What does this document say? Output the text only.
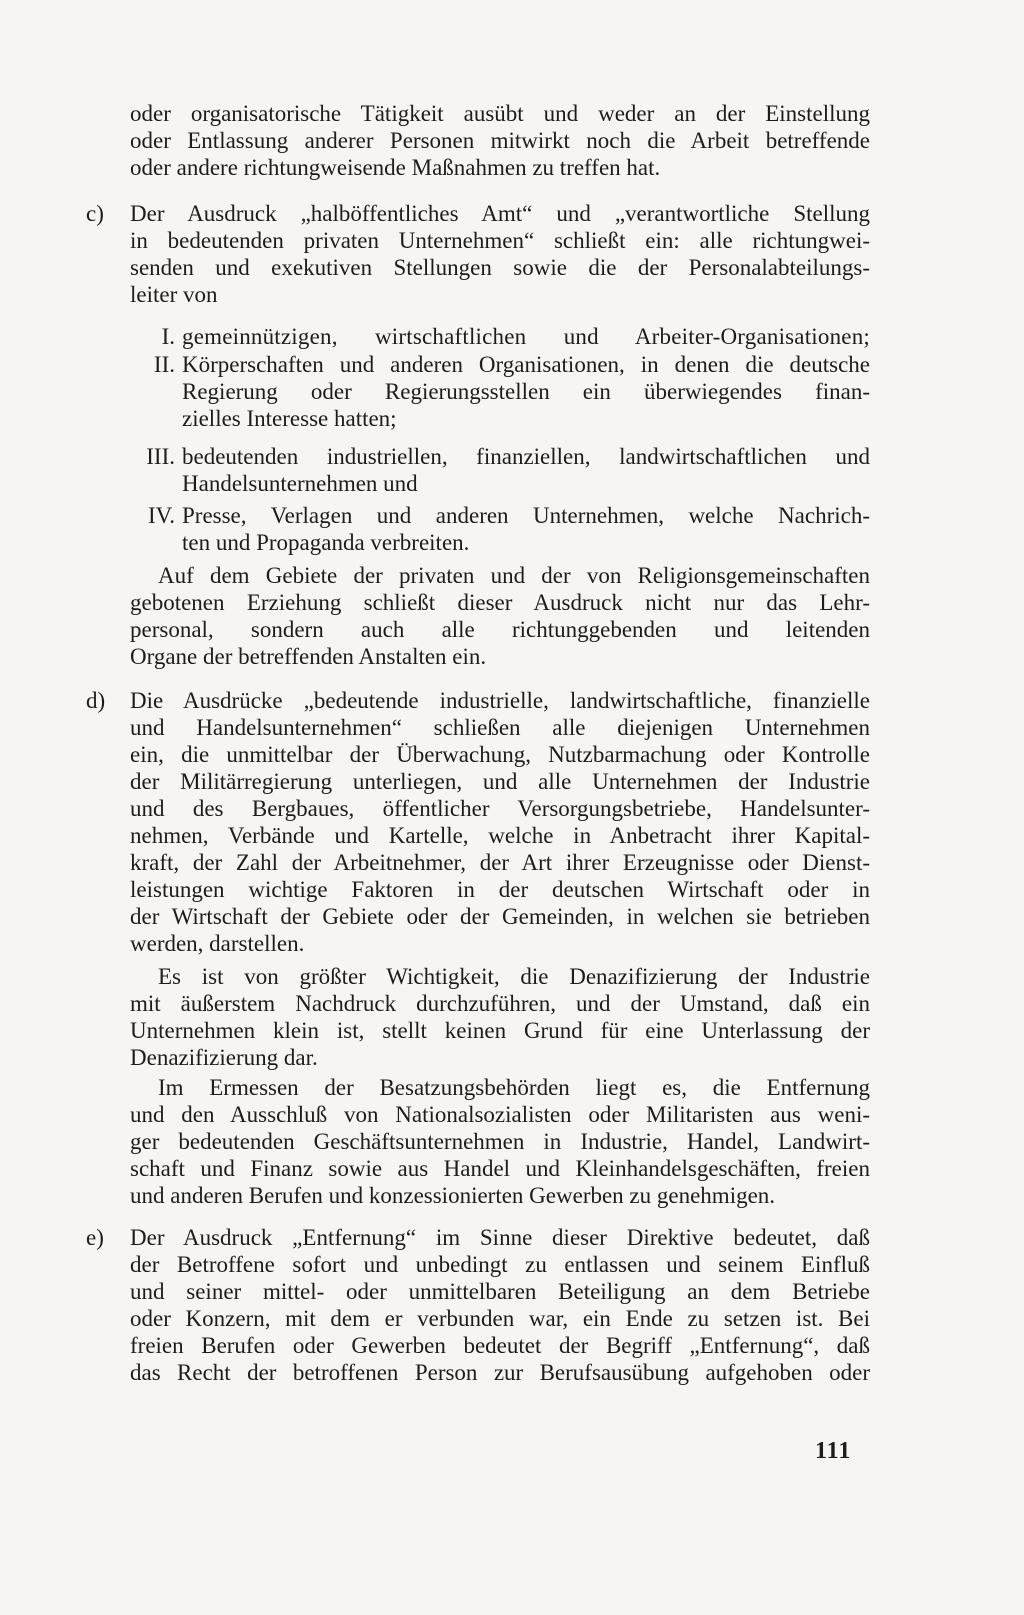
oder organisatorische Tätigkeit ausübt und weder an der Einstellung
oder Entlassung anderer Personen mitwirkt noch die Arbeit betreffende
oder andere richtungweisende Maßnahmen zu treffen hat.
c) Der Ausdruck „halböffentliches Amt“ und „verantwortliche Stellung
in bedeutenden privaten Unternehmen“ schließt ein: alle richtungwei-
senden und exekutiven Stellungen sowie die der Personalabteilungs-
leiter von
I. gemeinnützigen, wirtschaftlichen und Arbeiter-Organisationen;
II. Körperschaften und anderen Organisationen, in denen die deutsche
Regierung oder Regierungsstellen ein überwiegendes finan-
zielles Interesse hatten;
III. bedeutenden industriellen, finanziellen, landwirtschaftlichen und
Handelsunternehmen und
IV. Presse, Verlagen und anderen Unternehmen, welche Nachrich-
ten und Propaganda verbreiten.
Auf dem Gebiete der privaten und der von Religionsgemeinschaften
gebotenen Erziehung schließt dieser Ausdruck nicht nur das Lehr-
personal, sondern auch alle richtunggebenden und leitenden
Organe der betreffenden Anstalten ein.
d) Die Ausdrücke „bedeutende industrielle, landwirtschaftliche, finanzielle
und Handelsunternehmen“ schließen alle diejenigen Unternehmen
ein, die unmittelbar der Überwachung, Nutzbarmachung oder Kontrolle
der Militärregierung unterliegen, und alle Unternehmen der Industrie
und des Bergbaues, öffentlicher Versorgungsbetriebe, Handelsunter-
nehmen, Verbände und Kartelle, welche in Anbetracht ihrer Kapital-
kraft, der Zahl der Arbeitnehmer, der Art ihrer Erzeugnisse oder Dienst-
leistungen wichtige Faktoren in der deutschen Wirtschaft oder in
der Wirtschaft der Gebiete oder der Gemeinden, in welchen sie betrieben
werden, darstellen.
Es ist von größter Wichtigkeit, die Denazifizierung der Industrie
mit äußerstem Nachdruck durchzuführen, und der Umstand, daß ein
Unternehmen klein ist, stellt keinen Grund für eine Unterlassung der
Denazifizierung dar.
Im Ermessen der Besatzungsbehörden liegt es, die Entfernung
und den Ausschluß von Nationalsozialisten oder Militaristen aus weni-
ger bedeutenden Geschäftsunternehmen in Industrie, Handel, Landwirt-
schaft und Finanz sowie aus Handel und Kleinhandelsgeschäften, freien
und anderen Berufen und konzessionierten Gewerben zu genehmigen.
e) Der Ausdruck „Entfernung“ im Sinne dieser Direktive bedeutet, daß
der Betroffene sofort und unbedingt zu entlassen und seinem Einfluß
und seiner mittel- oder unmittelbaren Beteiligung an dem Betriebe
oder Konzern, mit dem er verbunden war, ein Ende zu setzen ist. Bei
freien Berufen oder Gewerben bedeutet der Begriff „Entfernung“, daß
das Recht der betroffenen Person zur Berufsausübung aufgehoben oder
111
